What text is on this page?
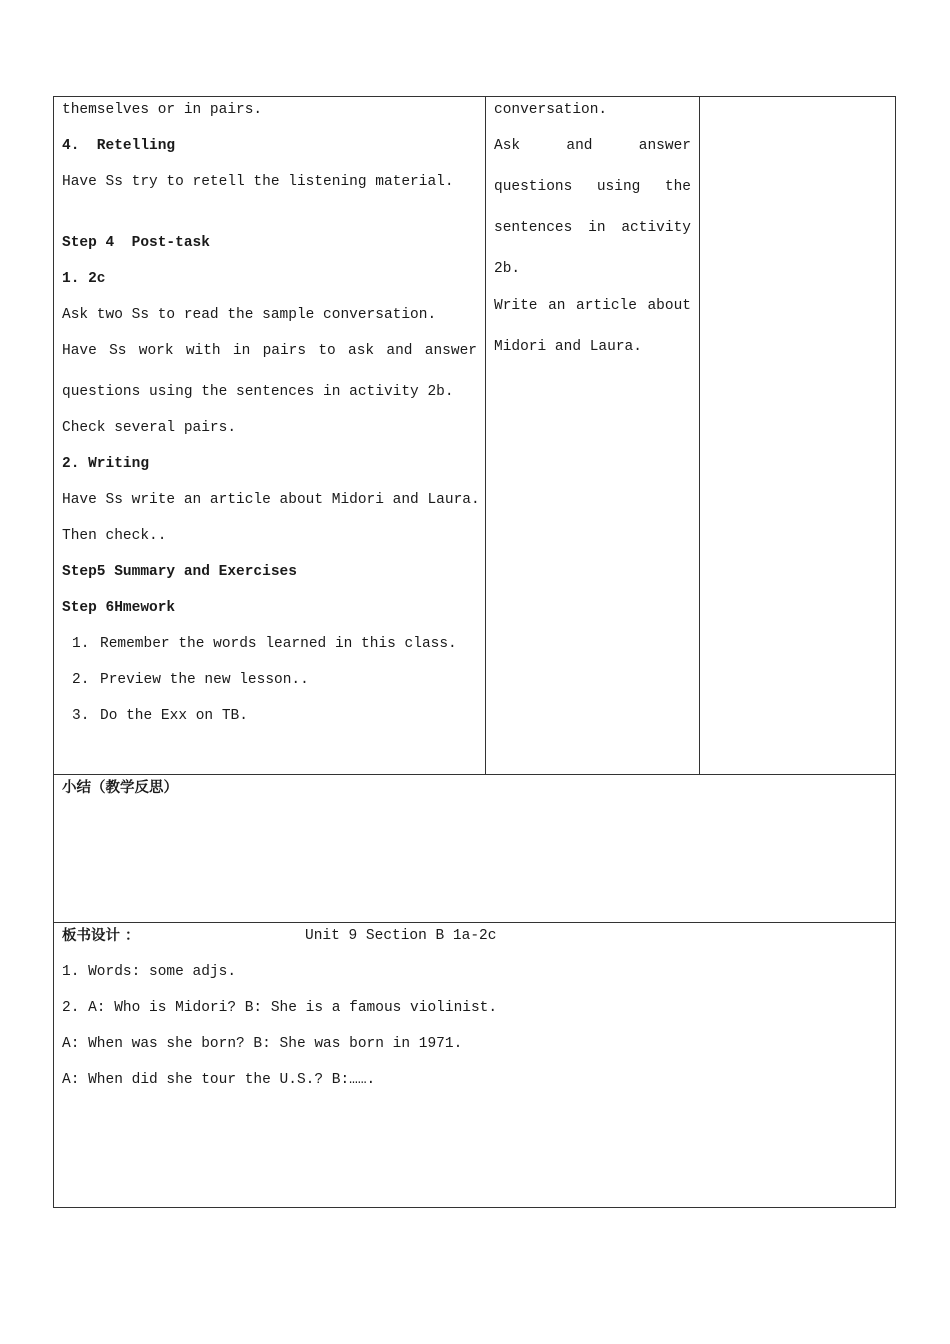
themselves or in pairs.
4.  Retelling
Have Ss try to retell the listening material.
Step 4  Post-task
1. 2c
Ask two Ss to read the sample conversation.
Have Ss work with in pairs to ask and answer
questions using the sentences in activity 2b.
Check several pairs.
2. Writing
Have Ss write an article about Midori and Laura.
Then check..
Step5 Summary and Exercises
Step 6Hmework
1. Remember the words learned in this class.
2. Preview the new lesson..
3. Do the Exx on TB.
conversation.
Ask	and	answer
questions using the
sentences in activity
2b.
Write an article about
Midori and Laura.
小结（教学反思）
板书设计 ：	Unit 9 Section B 1a-2c
1. Words: some adjs.
2. A: Who is Midori? B: She is a famous violinist.
A: When was she born? B: She was born in 1971.
A: When did she tour the U.S.? B:…….
